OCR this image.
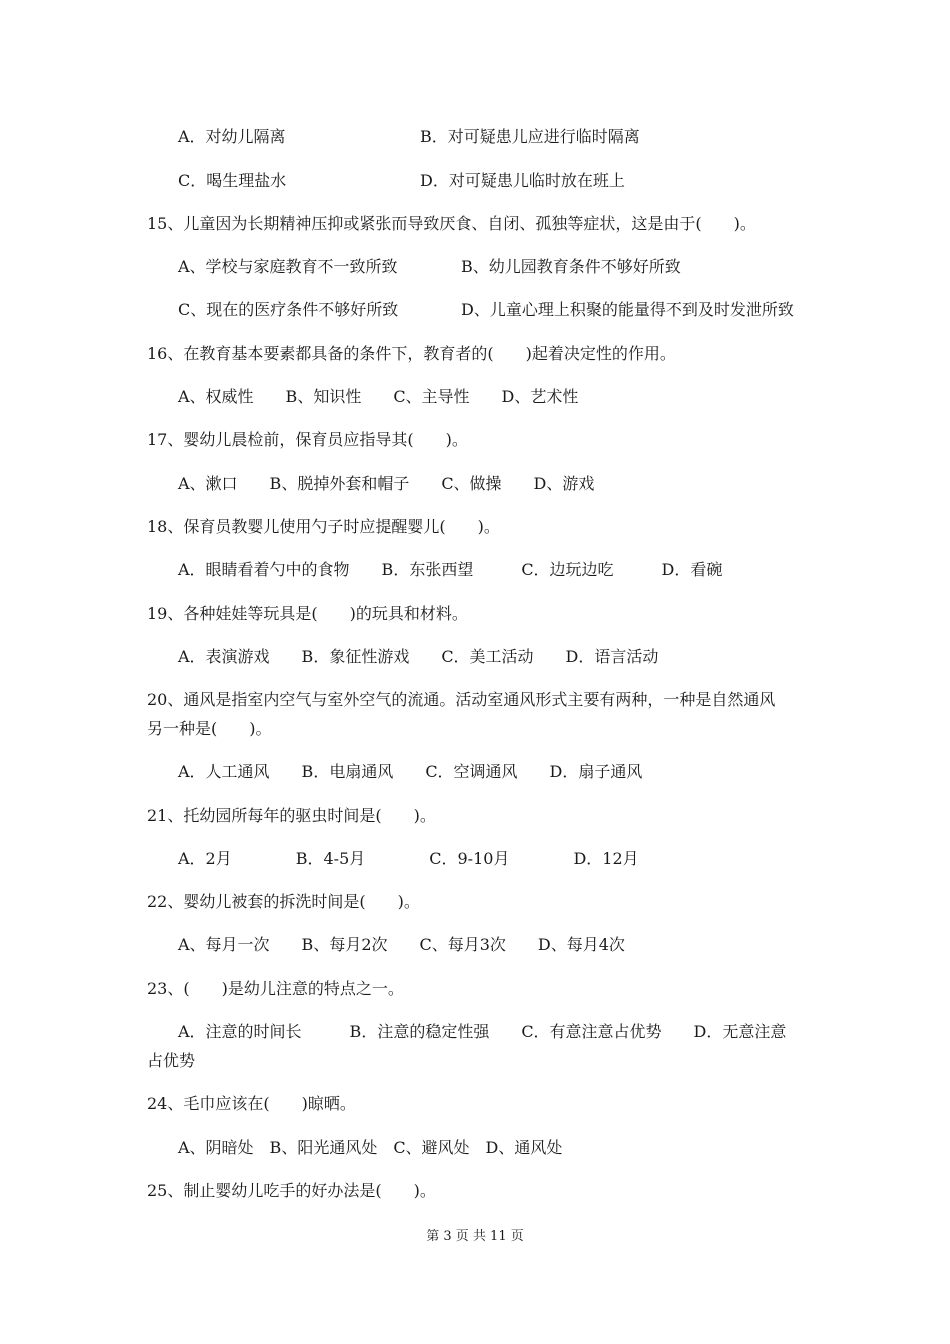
A．对幼儿隔离	B．对可疑患儿应进行临时隔离
C．喝生理盐水	D．对可疑患儿临时放在班上
15、儿童因为长期精神压抑或紧张而导致厌食、自闭、孤独等症状，这是由于(　　)。
A、学校与家庭教育不一致所致	B、幼儿园教育条件不够好所致
C、现在的医疗条件不够好所致	D、儿童心理上积聚的能量得不到及时发泄所致
16、在教育基本要素都具备的条件下，教育者的(　　)起着决定性的作用。
A、权威性　　B、知识性　　C、主导性　　D、艺术性
17、婴幼儿晨检前，保育员应指导其(　　)。
A、漱口　　B、脱掉外套和帽子　　C、做操　　D、游戏
18、保育员教婴儿使用勺子时应提醒婴儿(　　)。
A．眼睛看着勺中的食物　　B．东张西望　　　C．边玩边吃　　　D．看碗
19、各种娃娃等玩具是(　　)的玩具和材料。
A．表演游戏　　B．象征性游戏　　C．美工活动　　D．语言活动
20、通风是指室内空气与室外空气的流通。活动室通风形式主要有两种，一种是自然通风
另一种是(　　)。
A．人工通风　　B．电扇通风　　C．空调通风　　D．扇子通风
21、托幼园所每年的驱虫时间是(　　)。
A．2月　　　　B．4-5月　　　　C．9-10月　　　　D．12月
22、婴幼儿被套的拆洗时间是(　　)。
A、每月一次　　B、每月2次　　C、每月3次　　D、每月4次
23、(　　)是幼儿注意的特点之一。
A．注意的时间长　　　B．注意的稳定性强　　C．有意注意占优势　　D．无意注意
占优势
24、毛巾应该在(　　)晾晒。
A、阴暗处　B、阳光通风处　C、避风处　D、通风处
25、制止婴幼儿吃手的好办法是(　　)。
第 3 页 共 11 页
